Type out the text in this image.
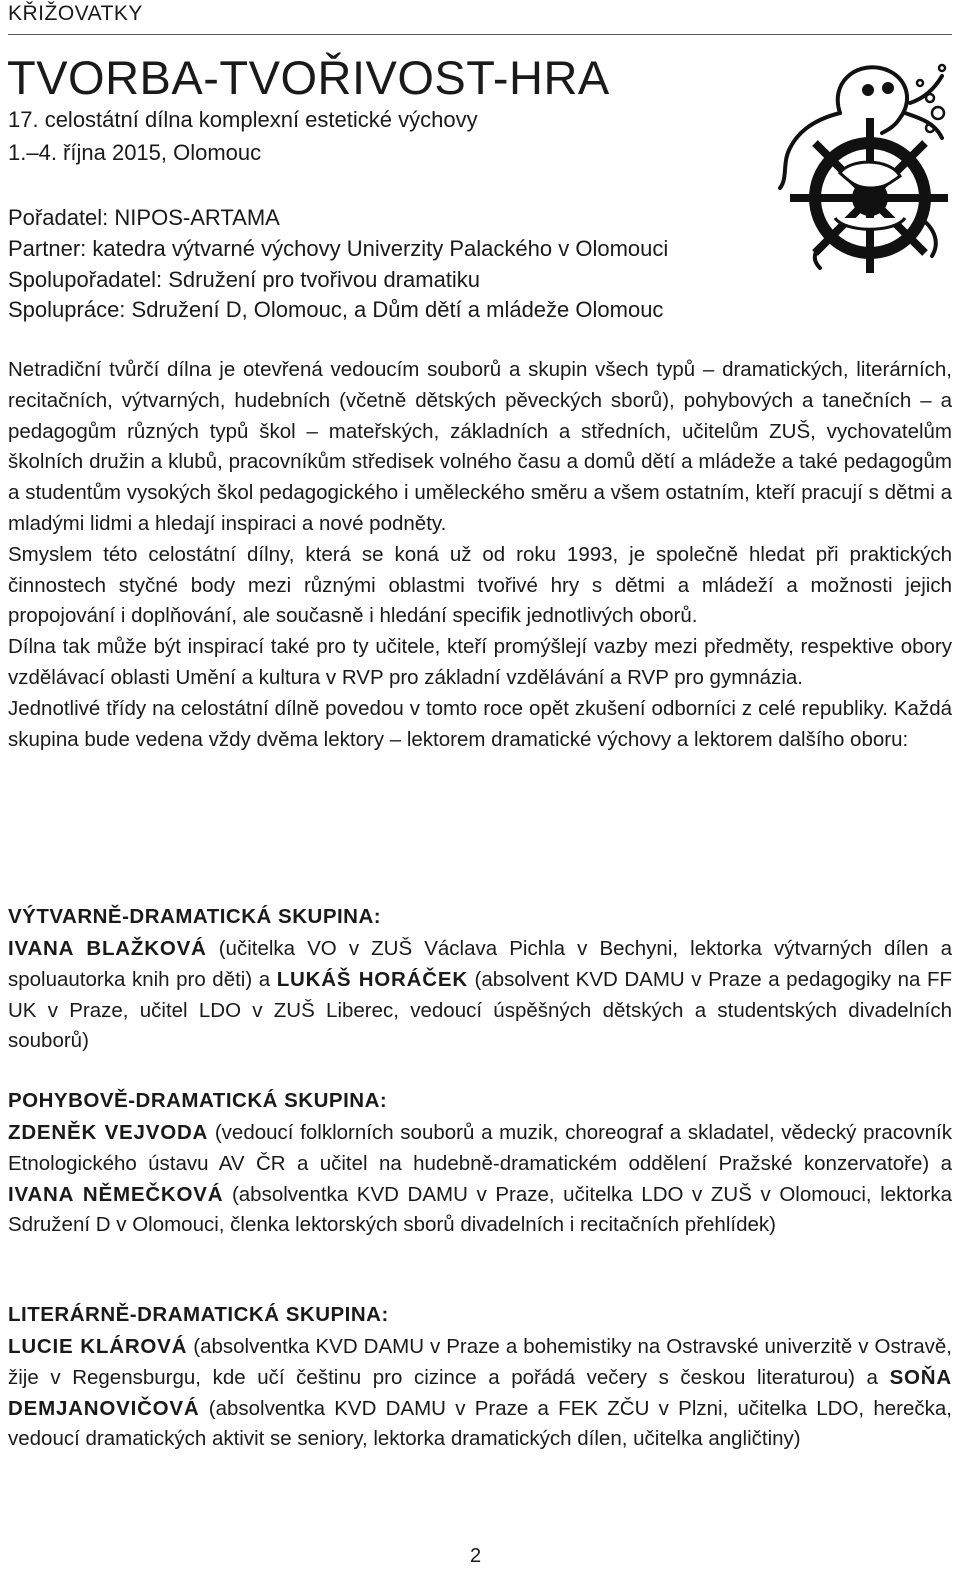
KŘIŽOVATKY
TVORBA-TVOŘIVOST-HRA
17. celostátní dílna komplexní estetické výchovy
1.–4. října 2015, Olomouc
Pořadatel: NIPOS-ARTAMA
Partner: katedra výtvarné výchovy Univerzity Palackého v Olomouci
Spolupořadatel: Sdružení pro tvořivou dramatiku
Spolupráce: Sdružení D, Olomouc, a Dům dětí a mládeže Olomouc

Netradiční tvůrčí dílna je otevřená vedoucím souborů a skupin všech typů – dramatických, literárních, recitačních, výtvarných, hudebních (včetně dětských pěveckých sborů), pohybových a tanečních – a pedagogům různých typů škol – mateřských, základních a středních, učitelům ZUŠ, vychovatelům školních družin a klubů, pracovníkům středisek volného času a domů dětí a mládeže a také pedagogům a studentům vysokých škol pedagogického i uměleckého směru a všem ostatním, kteří pracují s dětmi a mladými lidmi a hledají inspiraci a nové podněty.

Smyslem této celostátní dílny, která se koná už od roku 1993, je společně hledat při praktických činnostech styčné body mezi různými oblastmi tvořivé hry s dětmi a mládeží a možnosti jejich propojování i doplňování, ale současně i hledání specifik jednotlivých oborů.

Dílna tak může být inspirací také pro ty učitele, kteří promýšlejí vazby mezi předměty, respektive obory vzdělávací oblasti Umění a kultura v RVP pro základní vzdělávání a RVP pro gymnázia.

Jednotlivé třídy na celostátní dílně povedou v tomto roce opět zkušení odborníci z celé republiky. Každá skupina bude vedena vždy dvěma lektory – lektorem dramatické výchovy a lektorem dalšího oboru:

VÝTVARNĚ-DRAMATICKÁ SKUPINA:
IVANA BLAŽKOVÁ (učitelka VO v ZUŠ Václava Pichla v Bechyni, lektorka výtvarných dílen a spoluautorka knih pro děti) a LUKÁŠ HORÁČEK (absolvent KVD DAMU v Praze a pedagogiky na FF UK v Praze, učitel LDO v ZUŠ Liberec, vedoucí úspěšných dětských a studentských divadelních souborů)
POHYBOVĚ-DRAMATICKÁ SKUPINA:
ZDENĚK VEJVODA (vedoucí folklorních souborů a muzik, choreograf a skladatel, vědecký pracovník Etnologického ústavu AV ČR a učitel na hudebně-dramatickém oddělení Pražské konzervatoře) a IVANA NĚMEČKOVÁ (absolventka KVD DAMU v Praze, učitelka LDO v ZUŠ v Olomouci, lektorka Sdružení D v Olomouci, členka lektorských sborů divadelních i recitačních přehlídek)
LITERÁRNĚ-DRAMATICKÁ SKUPINA:
LUCIE KLÁROVÁ (absolventka KVD DAMU v Praze a bohemistiky na Ostravské univerzitě v Ostravě, žije v Regensburgu, kde učí češtinu pro cizince a pořádá večery s českou literaturou) a SOŇA DEMJANOVIČOVÁ (absolventka KVD DAMU v Praze a FEK ZČU v Plzni, učitelka LDO, herečka, vedoucí dramatických aktivit se seniory, lektorka dramatických dílen, učitelka angličtiny)
2
